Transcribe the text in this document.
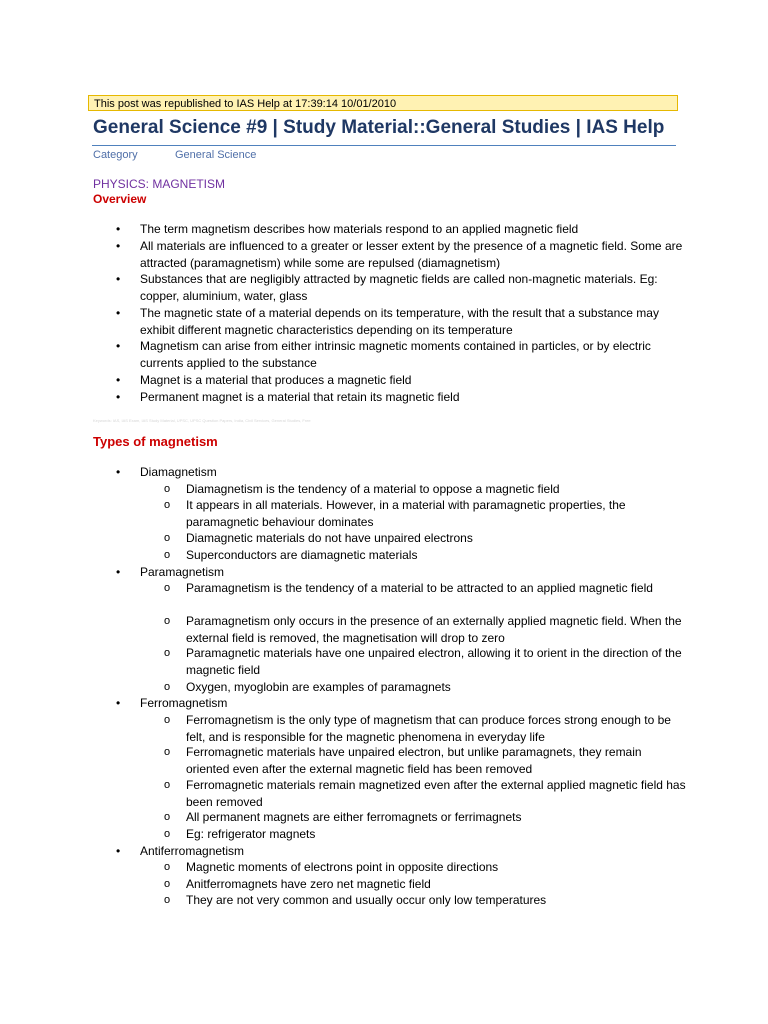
This post was republished to IAS Help at 17:39:14 10/01/2010
General Science #9 | Study Material::General Studies | IAS Help
Category	General Science
PHYSICS: MAGNETISM
Overview
• The term magnetism describes how materials respond to an applied magnetic field
• All materials are influenced to a greater or lesser extent by the presence of a magnetic field. Some are attracted (paramagnetism) while some are repulsed (diamagnetism)
• Substances that are negligibly attracted by magnetic fields are called non-magnetic materials. Eg: copper, aluminium, water, glass
• The magnetic state of a material depends on its temperature, with the result that a substance may exhibit different magnetic characteristics depending on its temperature
• Magnetism can arise from either intrinsic magnetic moments contained in particles, or by electric currents applied to the substance
• Magnet is a material that produces a magnetic field
• Permanent magnet is a material that retain its magnetic field
Keywords: IAS, IAS Exam, IAS Study Material, UPSC, UPSC Question Papers, India, Civil Services, General Studies, Free
Types of magnetism
• Diamagnetism
o Diamagnetism is the tendency of a material to oppose a magnetic field
o It appears in all materials. However, in a material with paramagnetic properties, the paramagnetic behaviour dominates
o Diamagnetic materials do not have unpaired electrons
o Superconductors are diamagnetic materials
• Paramagnetism
o Paramagnetism is the tendency of a material to be attracted to an applied magnetic field
o Paramagnetism only occurs in the presence of an externally applied magnetic field. When the external field is removed, the magnetisation will drop to zero
o Paramagnetic materials have one unpaired electron, allowing it to orient in the direction of the magnetic field
o Oxygen, myoglobin are examples of paramagnets
• Ferromagnetism
o Ferromagnetism is the only type of magnetism that can produce forces strong enough to be felt, and is responsible for the magnetic phenomena in everyday life
o Ferromagnetic materials have unpaired electron, but unlike paramagnets, they remain oriented even after the external magnetic field has been removed
o Ferromagnetic materials remain magnetized even after the external applied magnetic field has been removed
o All permanent magnets are either ferromagnets or ferrimagnets
o Eg: refrigerator magnets
• Antiferromagnetism
o Magnetic moments of electrons point in opposite directions
o Anitferromagnets have zero net magnetic field
o They are not very common and usually occur only low temperatures
